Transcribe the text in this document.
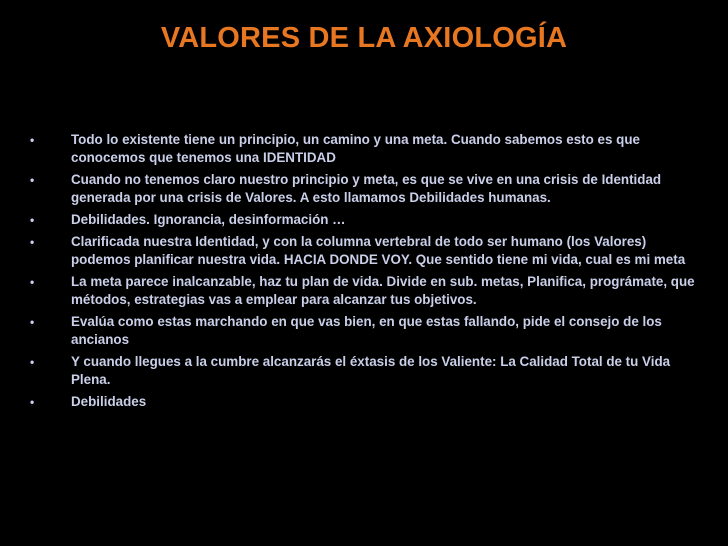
VALORES DE LA AXIOLOGÍA
•	Todo lo existente tiene un principio, un camino y una meta. Cuando sabemos esto es que conocemos que tenemos una IDENTIDAD
•	Cuando no tenemos claro nuestro principio y meta, es que se vive en una crisis de Identidad generada por una crisis de Valores. A esto llamamos Debilidades humanas.
•	Debilidades. Ignorancia, desinformación …
•	Clarificada nuestra Identidad, y con la columna vertebral de todo ser humano (los Valores) podemos planificar nuestra vida. HACIA DONDE VOY. Que sentido tiene mi vida, cual es mi meta
•	La meta parece inalcanzable, haz tu plan de vida. Divide en sub. metas, Planifica, prográmate, que métodos, estrategias vas a emplear para alcanzar tus objetivos.
•	Evalúa como estas marchando en que vas bien, en que estas fallando, pide el consejo de los ancianos
•	Y cuando llegues a la cumbre alcanzarás el éxtasis de los Valiente: La Calidad Total de tu Vida Plena.
•	Debilidades
